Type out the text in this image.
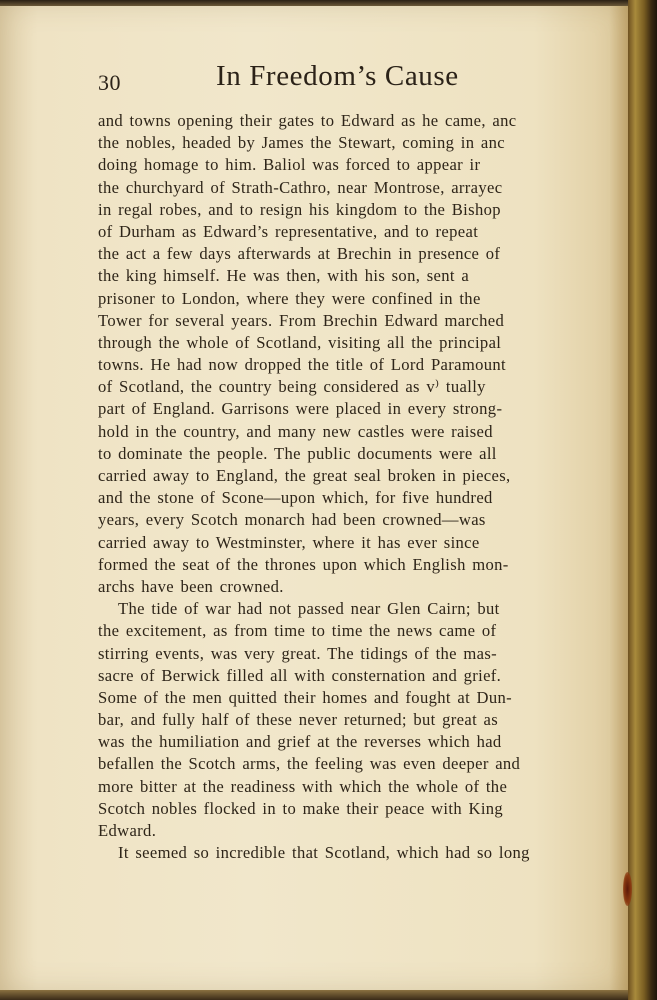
30	In Freedom’s Cause
and towns opening their gates to Edward as he came, anc
the nobles, headed by James the Stewart, coming in anc
doing homage to him. Baliol was forced to appear ir
the churchyard of Strath-Cathro, near Montrose, arrayec
in regal robes, and to resign his kingdom to the Bishop
of Durham as Edward’s representative, and to repeat
the act a few days afterwards at Brechin in presence of
the king himself. He was then, with his son, sent a
prisoner to London, where they were confined in the
Tower for several years. From Brechin Edward marched
through the whole of Scotland, visiting all the principal
towns. He had now dropped the title of Lord Paramount
of Scotland, the country being considered as v⁾ tually
part of England. Garrisons were placed in every strong-
hold in the country, and many new castles were raised
to dominate the people. The public documents were all
carried away to England, the great seal broken in pieces,
and the stone of Scone—upon which, for five hundred
years, every Scotch monarch had been crowned—was
carried away to Westminster, where it has ever since
formed the seat of the thrones upon which English mon-
archs have been crowned.
The tide of war had not passed near Glen Cairn; but
the excitement, as from time to time the news came of
stirring events, was very great. The tidings of the mas-
sacre of Berwick filled all with consternation and grief.
Some of the men quitted their homes and fought at Dun-
bar, and fully half of these never returned; but great as
was the humiliation and grief at the reverses which had
befallen the Scotch arms, the feeling was even deeper and
more bitter at the readiness with which the whole of the
Scotch nobles flocked in to make their peace with King
Edward.
It seemed so incredible that Scotland, which had so long
